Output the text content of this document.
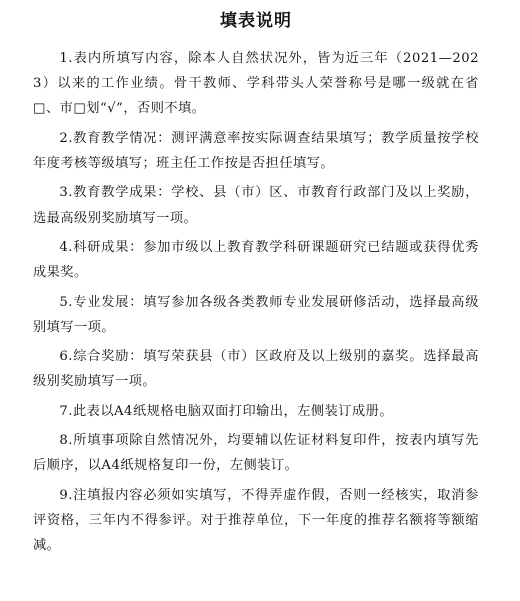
填表说明

1.表内所填写内容，除本人自然状况外，皆为近三年（2021—2023）以来的工作业绩。骨干教师、学科带头人荣誉称号是哪一级就在省□、市□划“√”，否则不填。

2.教育教学情况：测评满意率按实际调查结果填写；教学质量按学校年度考核等级填写；班主任工作按是否担任填写。

3.教育教学成果：学校、县（市）区、市教育行政部门及以上奖励，选最高级别奖励填写一项。

4.科研成果：参加市级以上教育教学科研课题研究已结题或获得优秀成果奖。

5.专业发展：填写参加各级各类教师专业发展研修活动，选择最高级别填写一项。

6.综合奖励：填写荣获县（市）区政府及以上级别的嘉奖。选择最高级别奖励填写一项。

7.此表以A4纸规格电脑双面打印输出，左侧装订成册。

8.所填事项除自然情况外，均要辅以佐证材料复印件，按表内填写先后顺序，以A4纸规格复印一份，左侧装订。

9.注填报内容必须如实填写，不得弄虚作假，否则一经核实，取消参评资格，三年内不得参评。对于推荐单位，下一年度的推荐名额将等额缩减。
